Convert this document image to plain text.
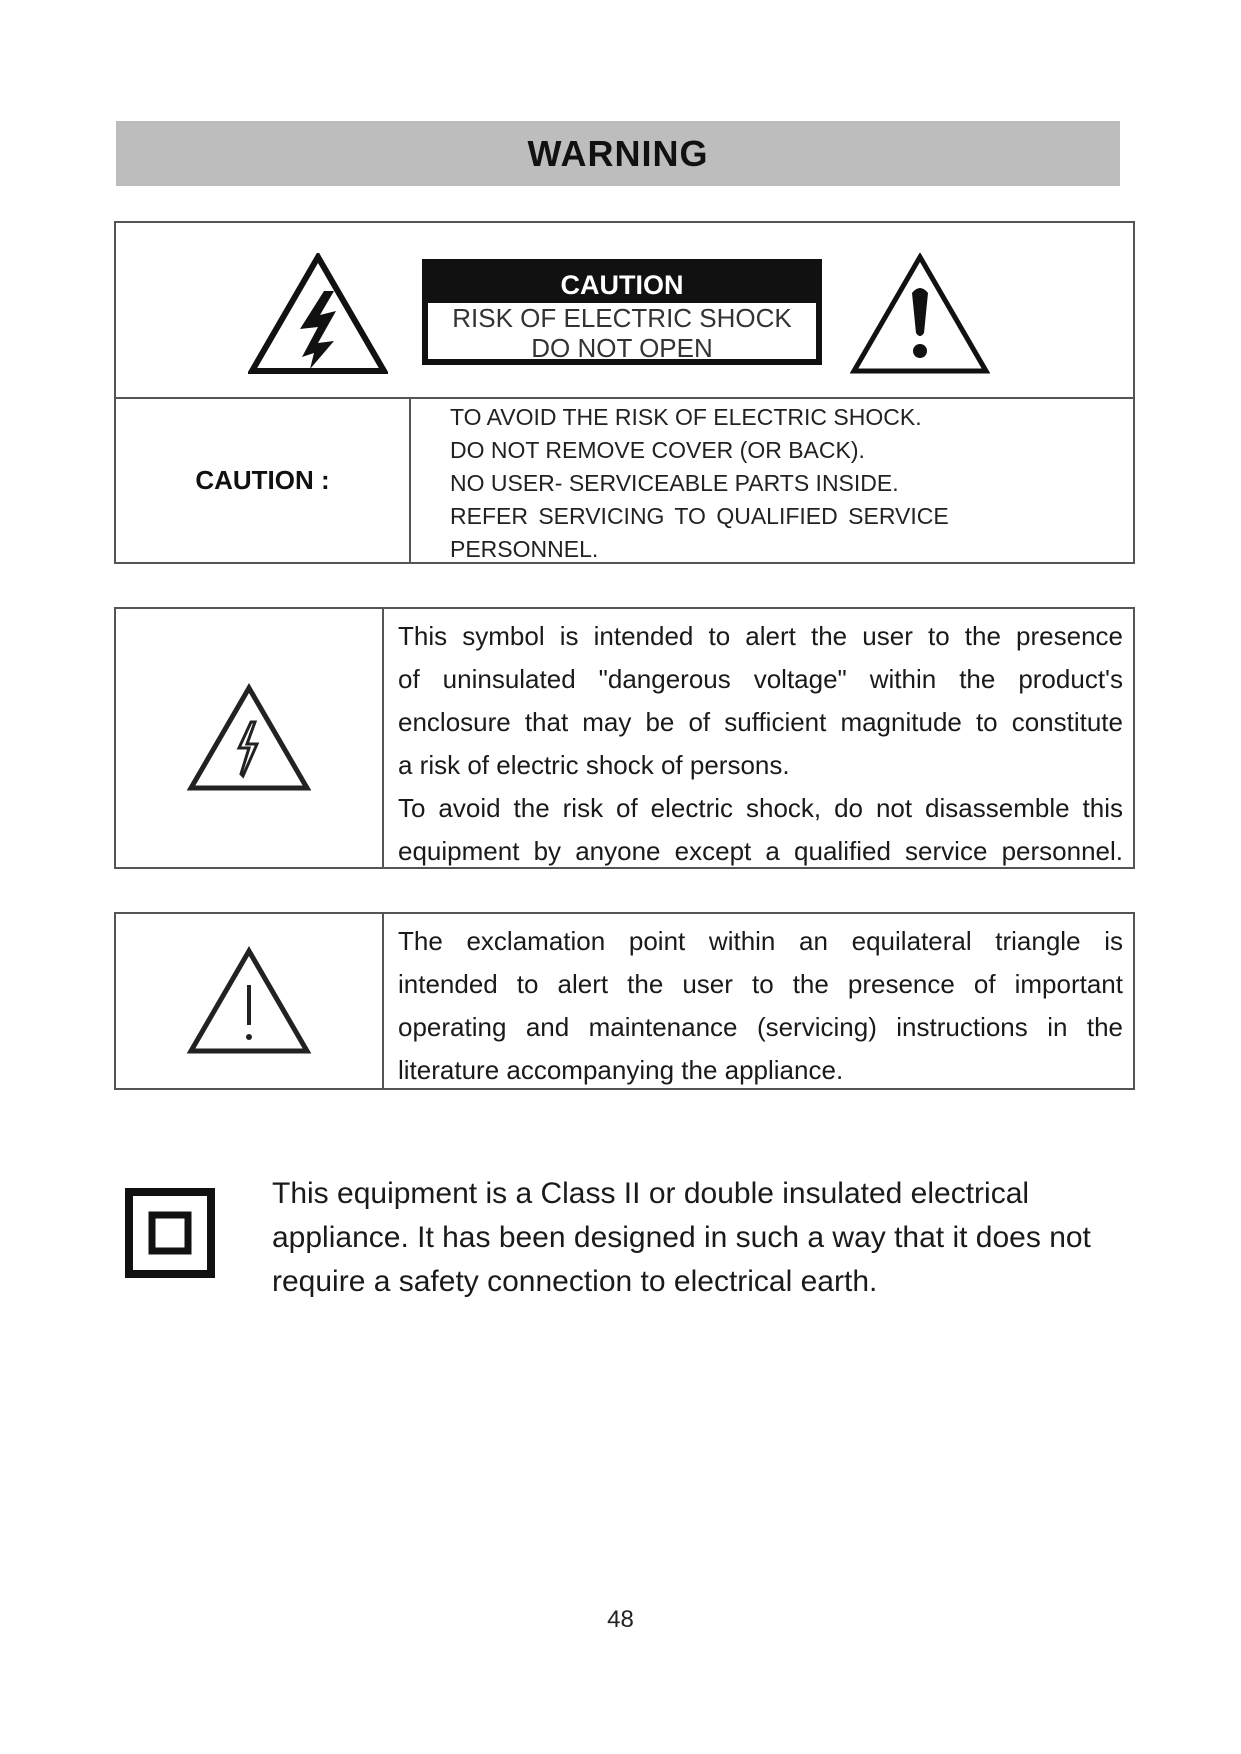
WARNING
CAUTION
RISK OF ELECTRIC SHOCK
DO NOT OPEN
CAUTION :
TO AVOID THE RISK OF ELECTRIC SHOCK.
DO NOT REMOVE COVER (OR BACK).
NO USER- SERVICEABLE PARTS INSIDE.
REFER SERVICING TO QUALIFIED SERVICE
PERSONNEL.
This symbol is intended to alert the user to the presence
of uninsulated "dangerous voltage" within the product's
enclosure that may be of sufficient magnitude to constitute
a risk of electric shock of persons.
To avoid the risk of electric shock, do not disassemble this
equipment by anyone except a qualified service personnel.
The exclamation point within an equilateral triangle is
intended to alert the user to the presence of important
operating and maintenance (servicing) instructions in the
literature accompanying the appliance.
This equipment is a Class II or double insulated electrical
appliance. It has been designed in such a way that it does not
require a safety connection to electrical earth.
48
